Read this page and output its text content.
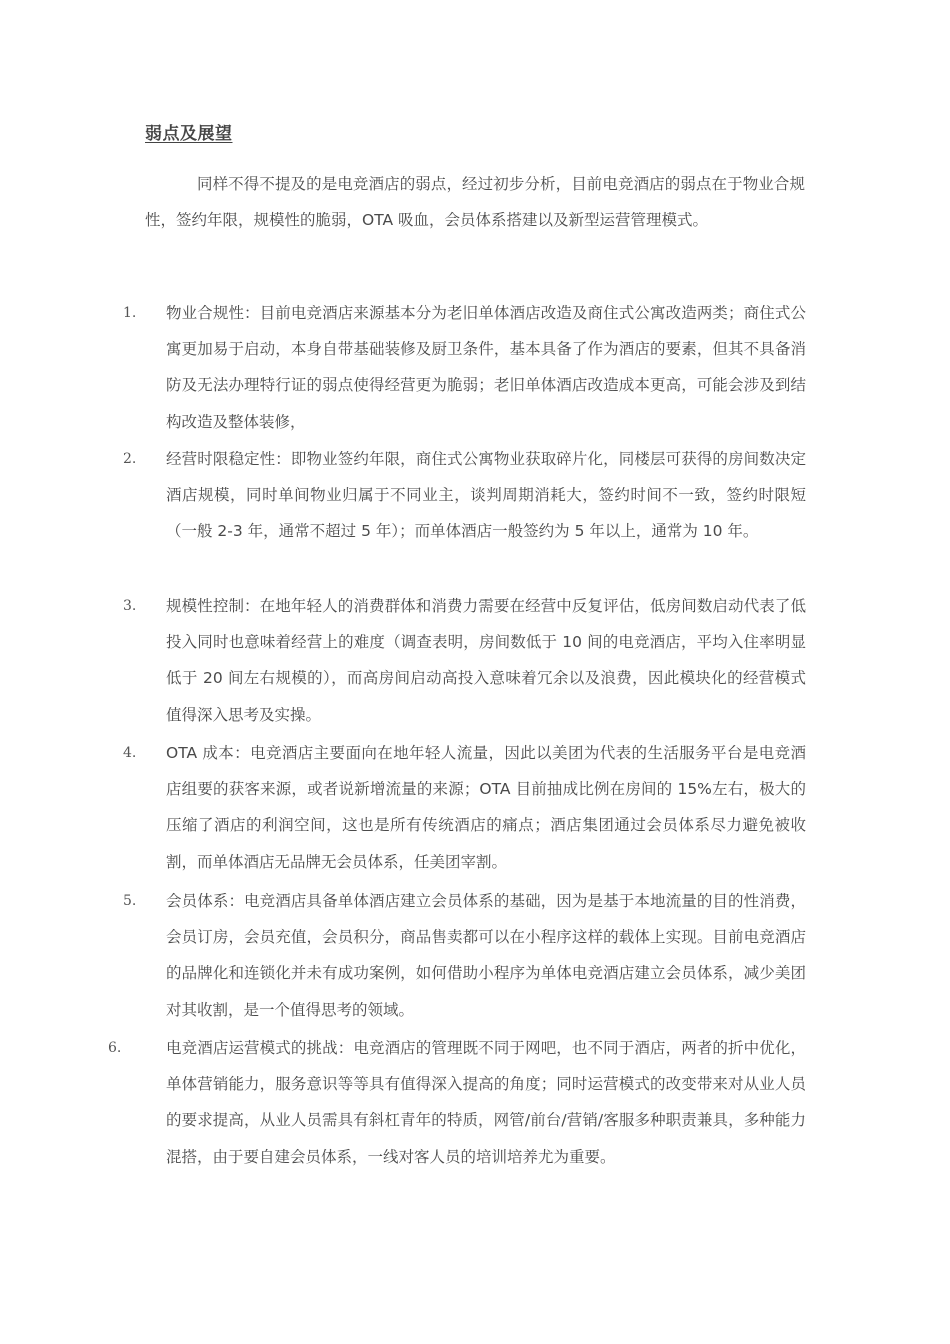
弱点及展望

同样不得不提及的是电竞酒店的弱点，经过初步分析，目前电竞酒店的弱点在于物业合规性，签约年限，规模性的脆弱，OTA 吸血，会员体系搭建以及新型运营管理模式。

1. 物业合规性：目前电竞酒店来源基本分为老旧单体酒店改造及商住式公寓改造两类；商住式公寓更加易于启动，本身自带基础装修及厨卫条件，基本具备了作为酒店的要素，但其不具备消防及无法办理特行证的弱点使得经营更为脆弱；老旧单体酒店改造成本更高，可能会涉及到结构改造及整体装修，

2. 经营时限稳定性：即物业签约年限，商住式公寓物业获取碎片化，同楼层可获得的房间数决定酒店规模，同时单间物业归属于不同业主，谈判周期消耗大，签约时间不一致，签约时限短（一般 2-3 年，通常不超过 5 年）；而单体酒店一般签约为 5 年以上，通常为 10 年。

3. 规模性控制：在地年轻人的消费群体和消费力需要在经营中反复评估，低房间数启动代表了低投入同时也意味着经营上的难度（调查表明，房间数低于 10 间的电竞酒店，平均入住率明显低于 20 间左右规模的），而高房间启动高投入意味着冗余以及浪费，因此模块化的经营模式值得深入思考及实操。

4. OTA 成本：电竞酒店主要面向在地年轻人流量，因此以美团为代表的生活服务平台是电竞酒店组要的获客来源，或者说新增流量的来源；OTA 目前抽成比例在房间的 15%左右，极大的压缩了酒店的利润空间，这也是所有传统酒店的痛点；酒店集团通过会员体系尽力避免被收割，而单体酒店无品牌无会员体系，任美团宰割。

5. 会员体系：电竞酒店具备单体酒店建立会员体系的基础，因为是基于本地流量的目的性消费，会员订房，会员充值，会员积分，商品售卖都可以在小程序这样的载体上实现。目前电竞酒店的品牌化和连锁化并未有成功案例，如何借助小程序为单体电竞酒店建立会员体系，减少美团对其收割，是一个值得思考的领域。

6.	电竞酒店运营模式的挑战：电竞酒店的管理既不同于网吧，也不同于酒店，两者的折中优化，单体营销能力，服务意识等等具有值得深入提高的角度；同时运营模式的改变带来对从业人员的要求提高，从业人员需具有斜杠青年的特质，网管/前台/营销/客服多种职责兼具，多种能力混搭，由于要自建会员体系，一线对客人员的培训培养尤为重要。
